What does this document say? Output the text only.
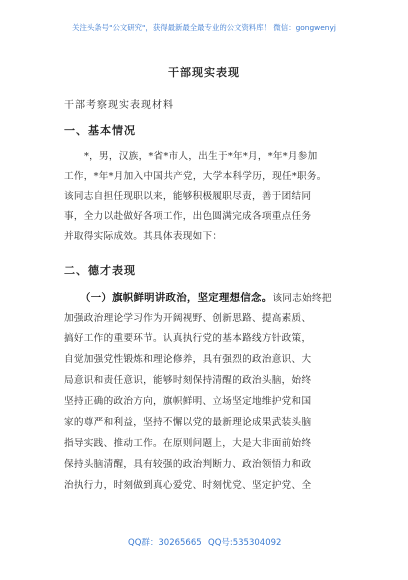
关注头条号"公文研究"，获得最新最全最专业的公文资料库！ 微信：gongwenyj
干部现实表现
干部考察现实表现材料
一、基本情况
*，男，汉族，*省*市人，出生于*年*月，*年*月参加
工作，*年*月加入中国共产党，大学本科学历，现任*职务。
该同志自担任现职以来，能够积极履职尽责，善于团结同
事，全力以赴做好各项工作，出色圆满完成各项重点任务
并取得实际成效。其具体表现如下：
二、德才表现
（一）旗帜鲜明讲政治，坚定理想信念。该同志始终把
加强政治理论学习作为开阔视野、创新思路、提高素质、
搞好工作的重要环节。认真执行党的基本路线方针政策，
自觉加强党性锻炼和理论修养，具有强烈的政治意识、大
局意识和责任意识，能够时刻保持清醒的政治头脑，始终
坚持正确的政治方向，旗帜鲜明、立场坚定地维护党和国
家的尊严和利益，坚持不懈以党的最新理论成果武装头脑
指导实践、推动工作。在原则问题上，大是大非面前始终
保持头脑清醒，具有较强的政治判断力、政治领悟力和政
治执行力，时刻做到真心爱党、时刻忧党、坚定护党、全
QQ群：30265665 QQ号:535304092
